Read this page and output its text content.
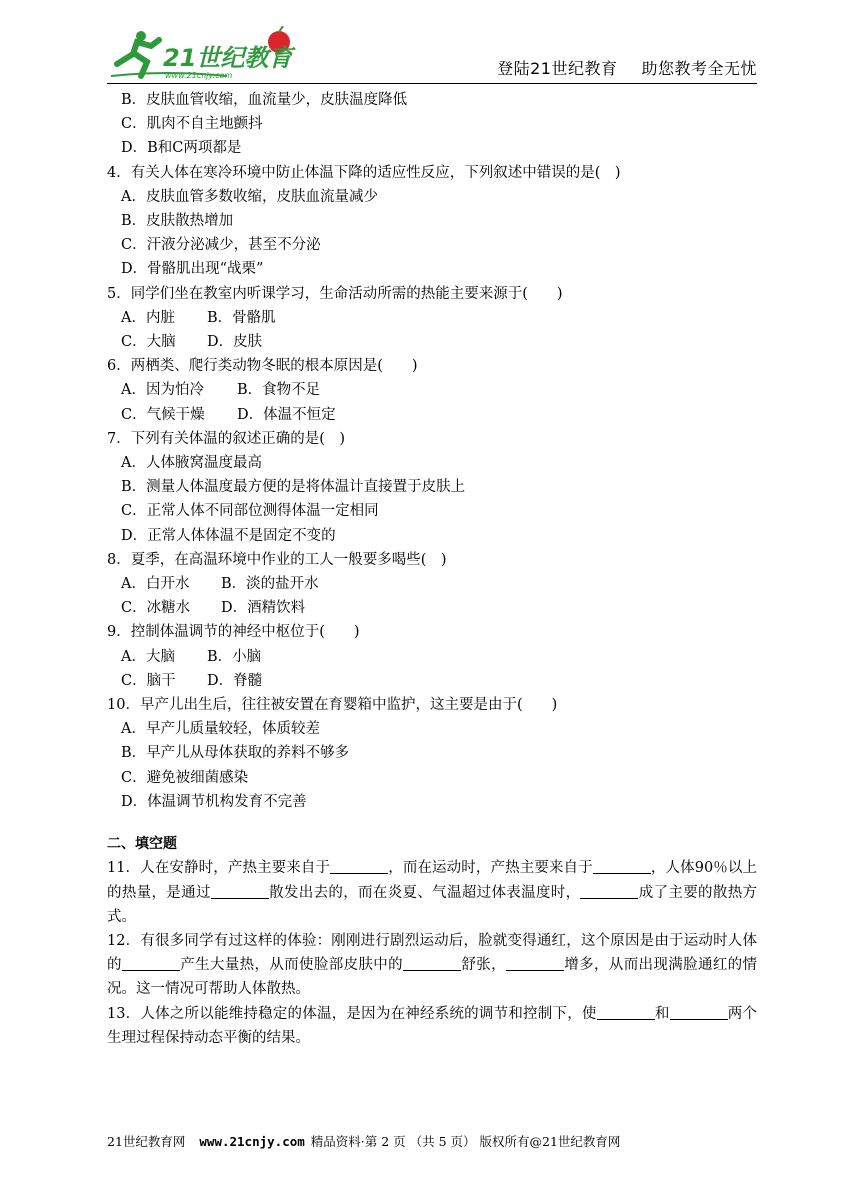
21世纪教育
www.21cnjy.com	登陆21世纪教育 助您教考全无忧
B．皮肤血管收缩，血流量少，皮肤温度降低
C．肌肉不自主地颤抖
D．B和C两项都是
4．有关人体在寒冷环境中防止体温下降的适应性反应，下列叙述中错误的是(　)
A．皮肤血管多数收缩，皮肤血流量减少
B．皮肤散热增加
C．汗液分泌减少，甚至不分泌
D．骨骼肌出现“战栗”
5．同学们坐在教室内听课学习，生命活动所需的热能主要来源于(　　)
A．内脏 B．骨骼肌
C．大脑 D．皮肤
6．两栖类、爬行类动物冬眠的根本原因是(　　)
A．因为怕冷 B．食物不足
C．气候干燥 D．体温不恒定
7．下列有关体温的叙述正确的是(　)
A．人体腋窝温度最高
B．测量人体温度最方便的是将体温计直接置于皮肤上
C．正常人体不同部位测得体温一定相同
D．正常人体体温不是固定不变的
8．夏季，在高温环境中作业的工人一般要多喝些(　)
A．白开水 B．淡的盐开水
C．冰糖水 D．酒精饮料
9．控制体温调节的神经中枢位于(　　)
A．大脑 B．小脑
C．脑干 D．脊髓
10．早产儿出生后，往往被安置在育婴箱中监护，这主要是由于(　　)
A．早产儿质量较轻，体质较差
B．早产儿从母体获取的养料不够多
C．避免被细菌感染
D．体温调节机构发育不完善
二、填空题
11．人在安静时，产热主要来自于	，而在运动时，产热主要来自于	，人体90％以上的热量，是通过	散发出去的，而在炎夏、气温超过体表温度时，	成了主要的散热方式。
12．有很多同学有过这样的体验：刚刚进行剧烈运动后，脸就变得通红，这个原因是由于运动时人体的	产生大量热，从而使脸部皮肤中的	舒张，	增多，从而出现满脸通红的情况。这一情况可帮助人体散热。
13．人体之所以能维持稳定的体温，是因为在神经系统的调节和控制下，使	和	两个生理过程保持动态平衡的结果。
21世纪教育网 www.21cnjy.com 精品资料·第 2 页 （共 5 页） 版权所有@21世纪教育网
